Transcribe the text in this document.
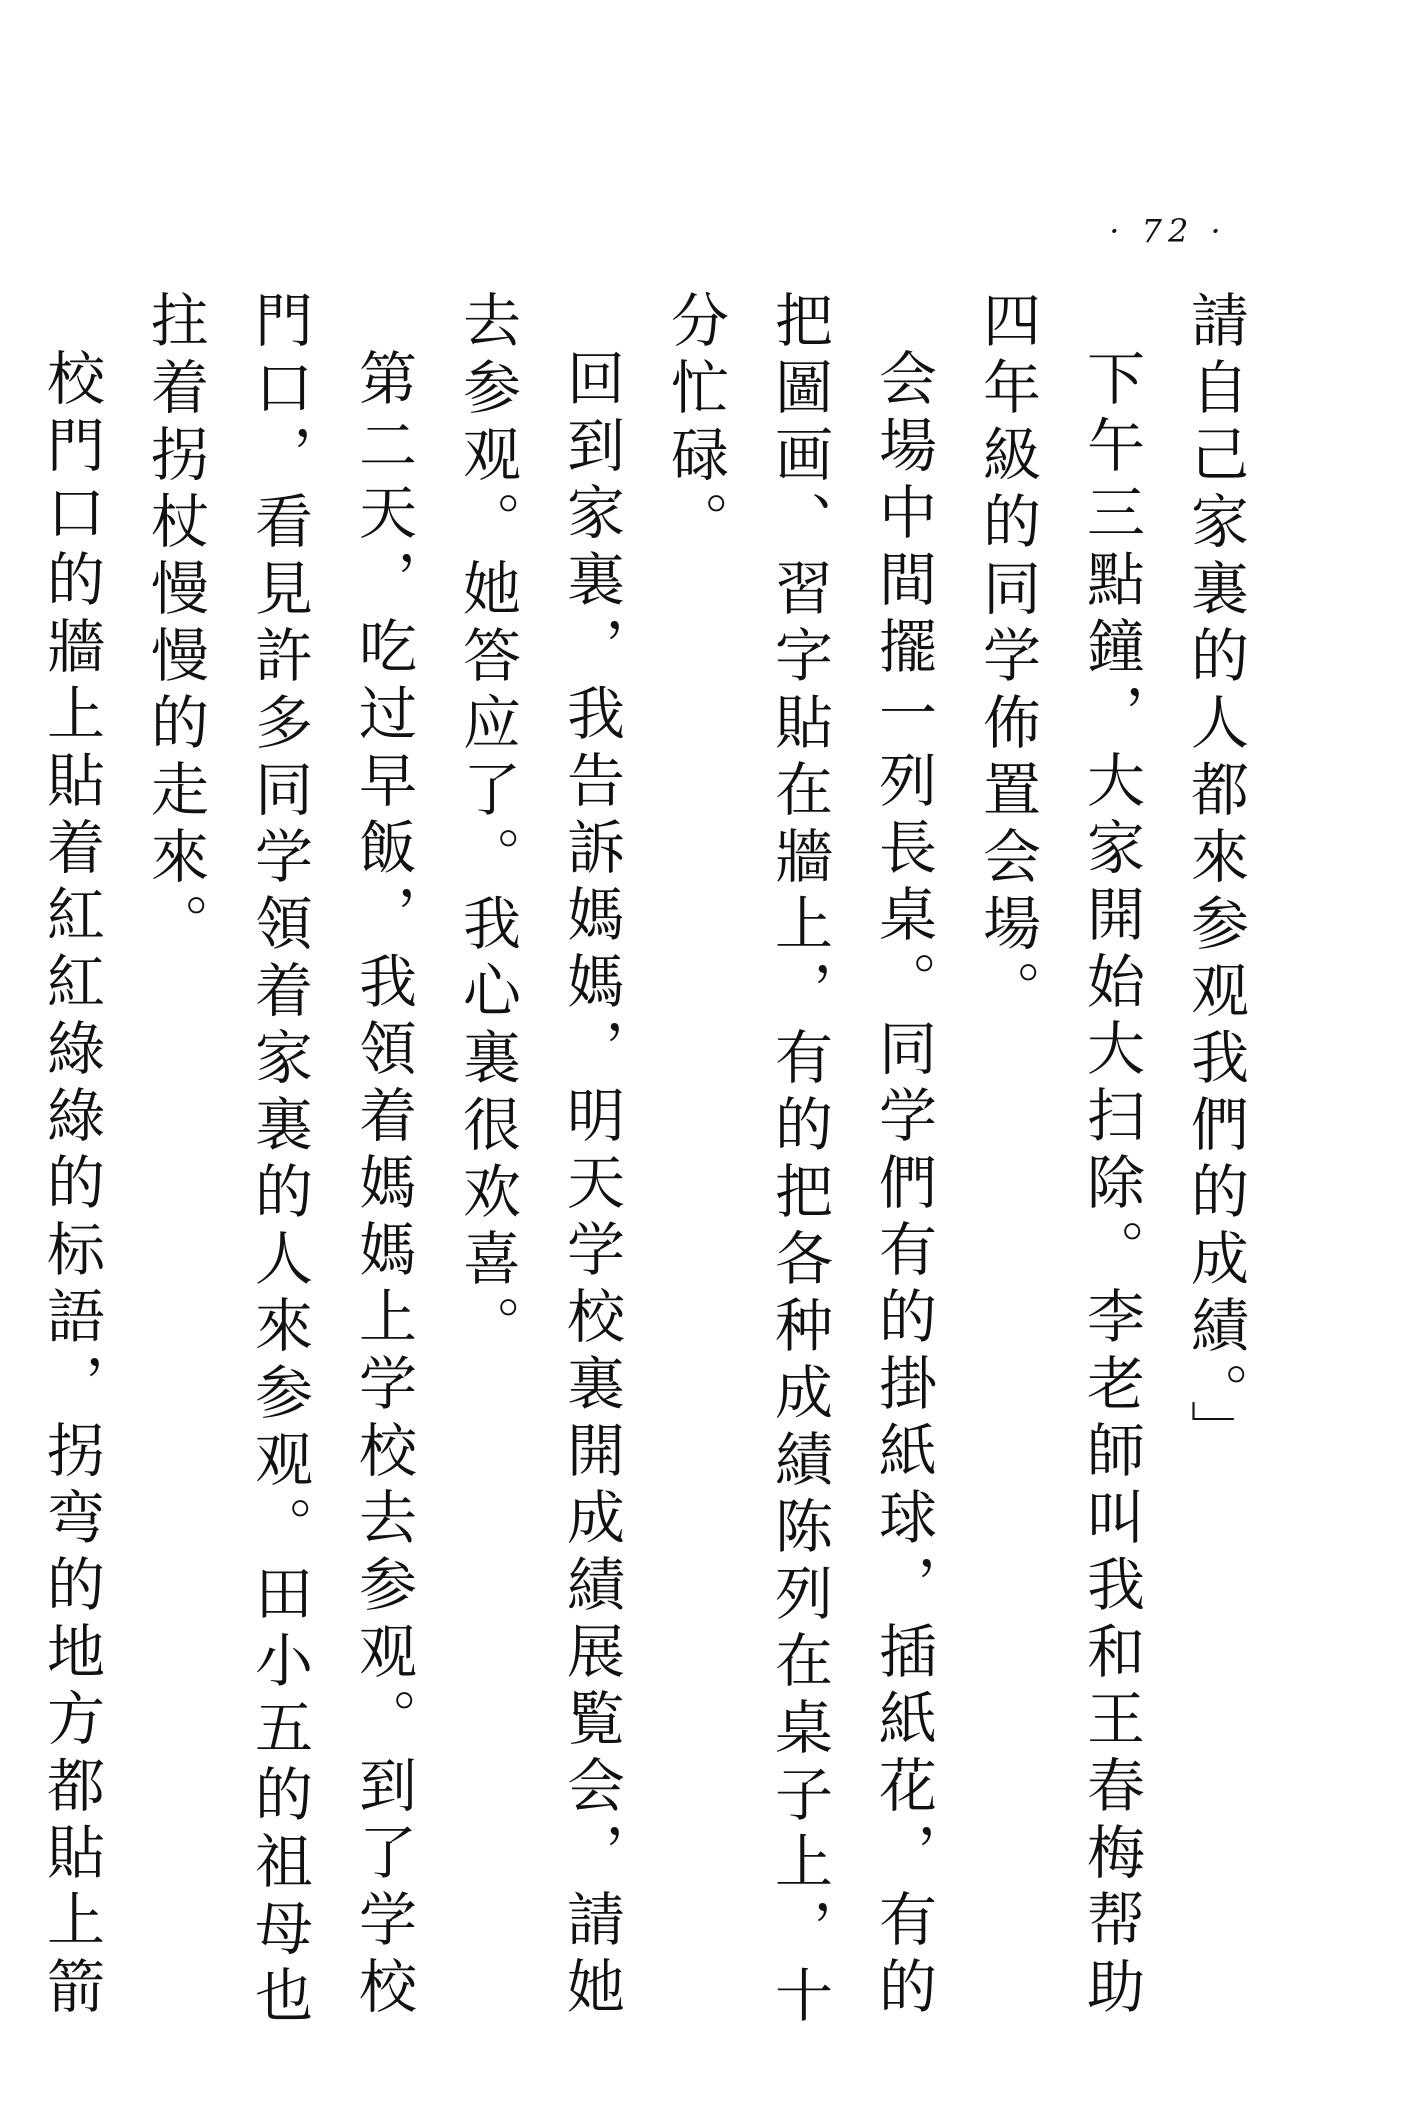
· 72 ·

請自己家裏的人都來参观我們的成績。」

下午三點鐘，大家開始大扫除。李老師叫我和王春梅帮助四年級的同学佈置会場。

会場中間擺一列長桌。同学們有的掛紙球，插紙花，有的把圖画、習字貼在牆上，有的把各种成績陈列在桌子上，十分忙碌。

回到家裏，我告訴媽媽，明天学校裏開成績展覧会，請她去参观。她答应了。我心裏很欢喜。

第二天，吃过早飯，我領着媽媽上学校去参观。到了学校門口，看見許多同学領着家裏的人來参观。田小五的祖母也拄着拐杖慢慢的走來。

校門口的牆上貼着紅紅綠綠的标語，拐弯的地方都貼上箭
